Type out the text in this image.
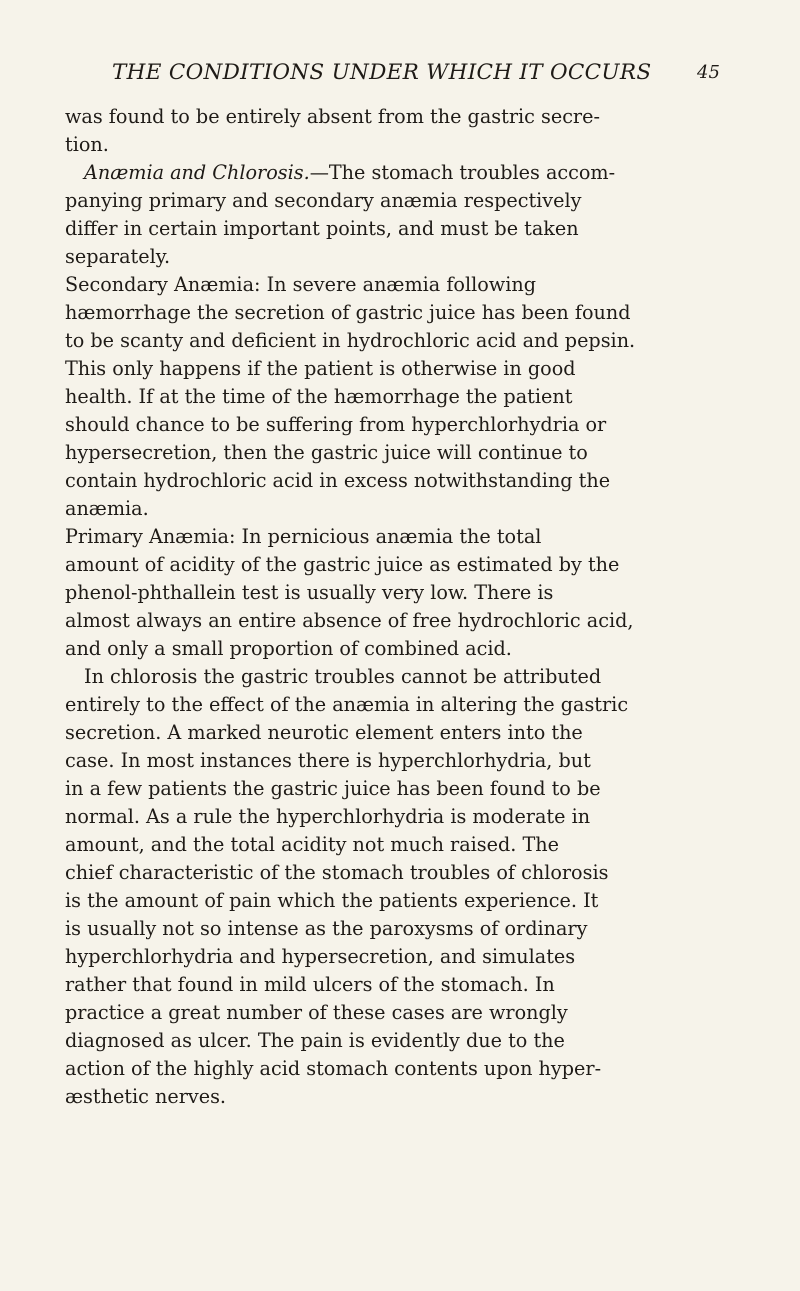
THE CONDITIONS UNDER WHICH IT OCCURS	45
was found to be entirely absent from the gastric secre-
tion.
Anæmia and Chlorosis.—The stomach troubles accom-
panying primary and secondary anæmia respectively
differ in certain important points, and must be taken
separately.
Secondary Anæmia: In severe anæmia following
hæmorrhage the secretion of gastric juice has been found
to be scanty and deficient in hydrochloric acid and pepsin.
This only happens if the patient is otherwise in good
health. If at the time of the hæmorrhage the patient
should chance to be suffering from hyperchlorhydria or
hypersecretion, then the gastric juice will continue to
contain hydrochloric acid in excess notwithstanding the
anæmia.
Primary Anæmia: In pernicious anæmia the total
amount of acidity of the gastric juice as estimated by the
phenol-phthallein test is usually very low. There is
almost always an entire absence of free hydrochloric acid,
and only a small proportion of combined acid.
In chlorosis the gastric troubles cannot be attributed
entirely to the effect of the anæmia in altering the gastric
secretion. A marked neurotic element enters into the
case. In most instances there is hyperchlorhydria, but
in a few patients the gastric juice has been found to be
normal. As a rule the hyperchlorhydria is moderate in
amount, and the total acidity not much raised. The
chief characteristic of the stomach troubles of chlorosis
is the amount of pain which the patients experience. It
is usually not so intense as the paroxysms of ordinary
hyperchlorhydria and hypersecretion, and simulates
rather that found in mild ulcers of the stomach. In
practice a great number of these cases are wrongly
diagnosed as ulcer. The pain is evidently due to the
action of the highly acid stomach contents upon hyper-
æsthetic nerves.
